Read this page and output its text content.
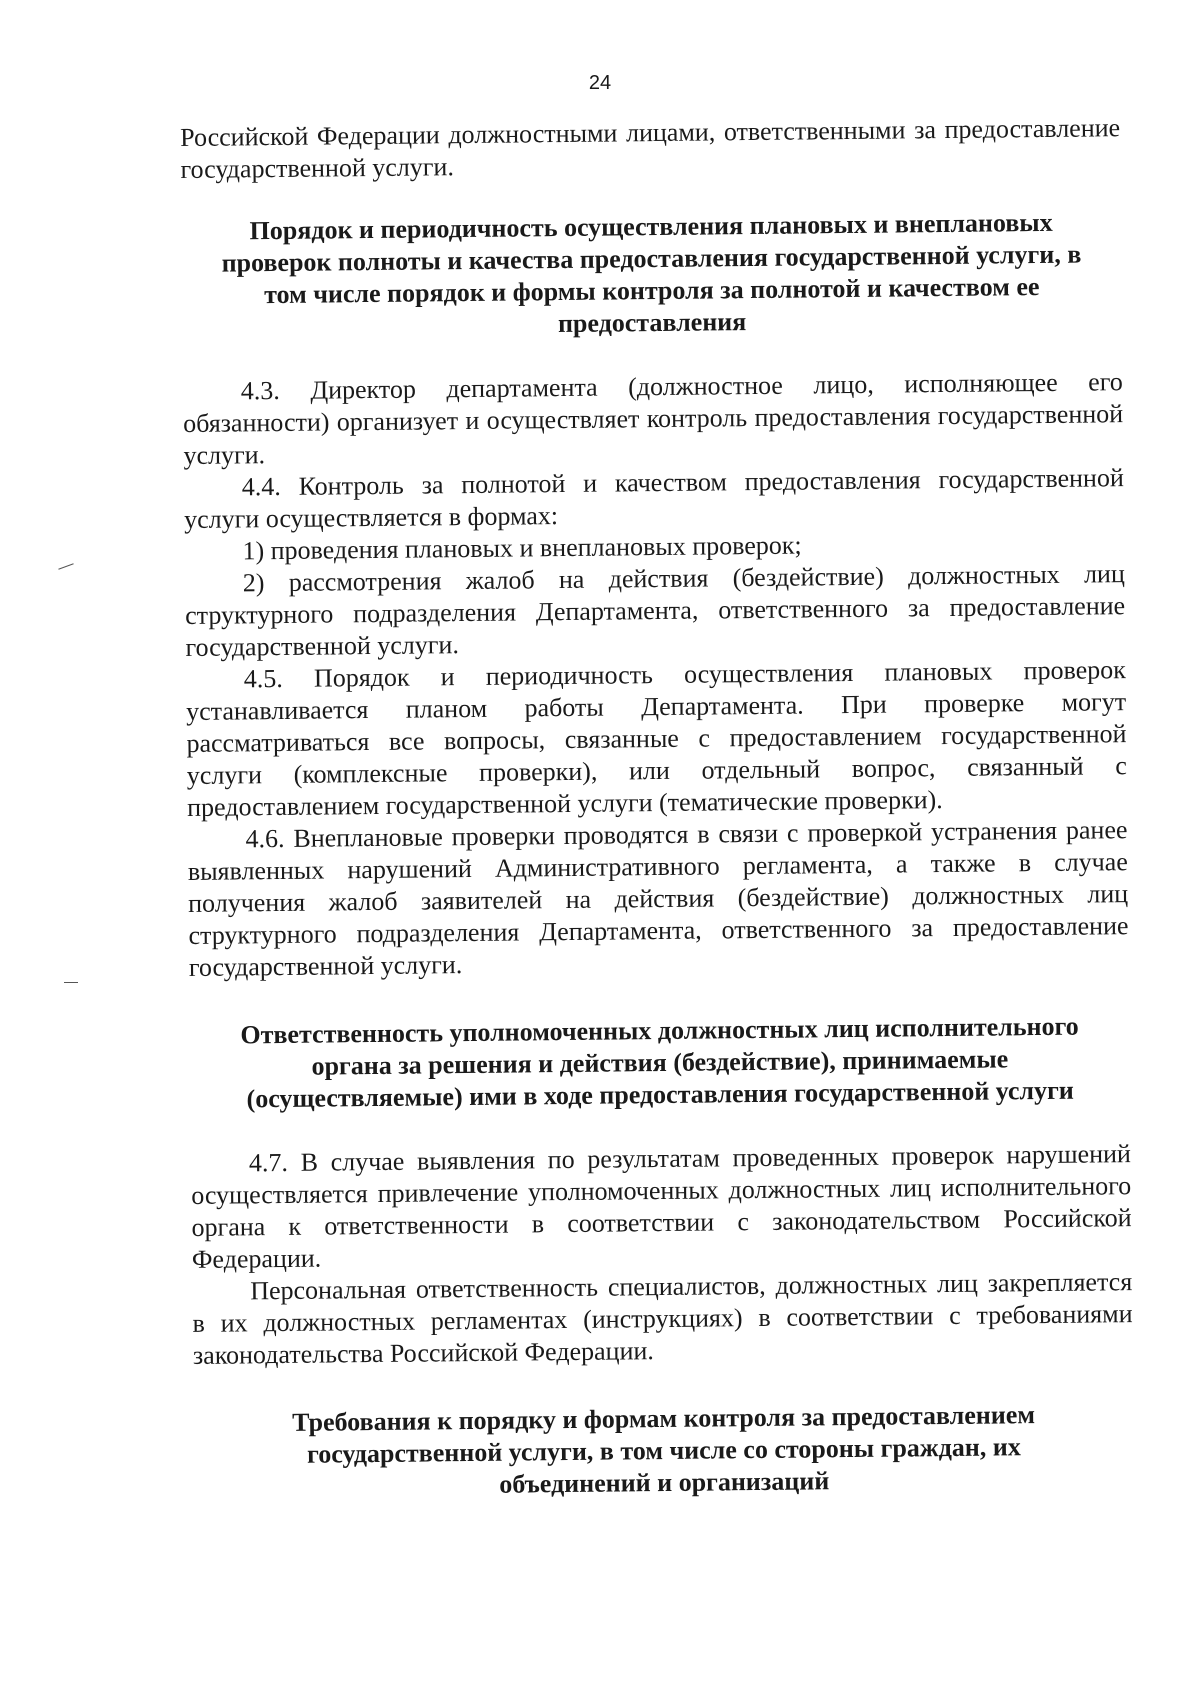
24

Российской Федерации должностными лицами, ответственными за предоставление государственной услуги.

Порядок и периодичность осуществления плановых и внеплановых проверок полноты и качества предоставления государственной услуги, в том числе порядок и формы контроля за полнотой и качеством ее предоставления

4.3. Директор департамента (должностное лицо, исполняющее его обязанности) организует и осуществляет контроль предоставления государственной услуги.

4.4. Контроль за полнотой и качеством предоставления государственной услуги осуществляется в формах:

1) проведения плановых и внеплановых проверок;

2) рассмотрения жалоб на действия (бездействие) должностных лиц структурного подразделения Департамента, ответственного за предоставление государственной услуги.

4.5. Порядок и периодичность осуществления плановых проверок устанавливается планом работы Департамента. При проверке могут рассматриваться все вопросы, связанные с предоставлением государственной услуги (комплексные проверки), или отдельный вопрос, связанный с предоставлением государственной услуги (тематические проверки).

4.6. Внеплановые проверки проводятся в связи с проверкой устранения ранее выявленных нарушений Административного регламента, а также в случае получения жалоб заявителей на действия (бездействие) должностных лиц структурного подразделения Департамента, ответственного за предоставление государственной услуги.

Ответственность уполномоченных должностных лиц исполнительного органа за решения и действия (бездействие), принимаемые (осуществляемые) ими в ходе предоставления государственной услуги

4.7. В случае выявления по результатам проведенных проверок нарушений осуществляется привлечение уполномоченных должностных лиц исполнительного органа к ответственности в соответствии с законодательством Российской Федерации.

Персональная ответственность специалистов, должностных лиц закрепляется в их должностных регламентах (инструкциях) в соответствии с требованиями законодательства Российской Федерации.

Требования к порядку и формам контроля за предоставлением государственной услуги, в том числе со стороны граждан, их объединений и организаций
